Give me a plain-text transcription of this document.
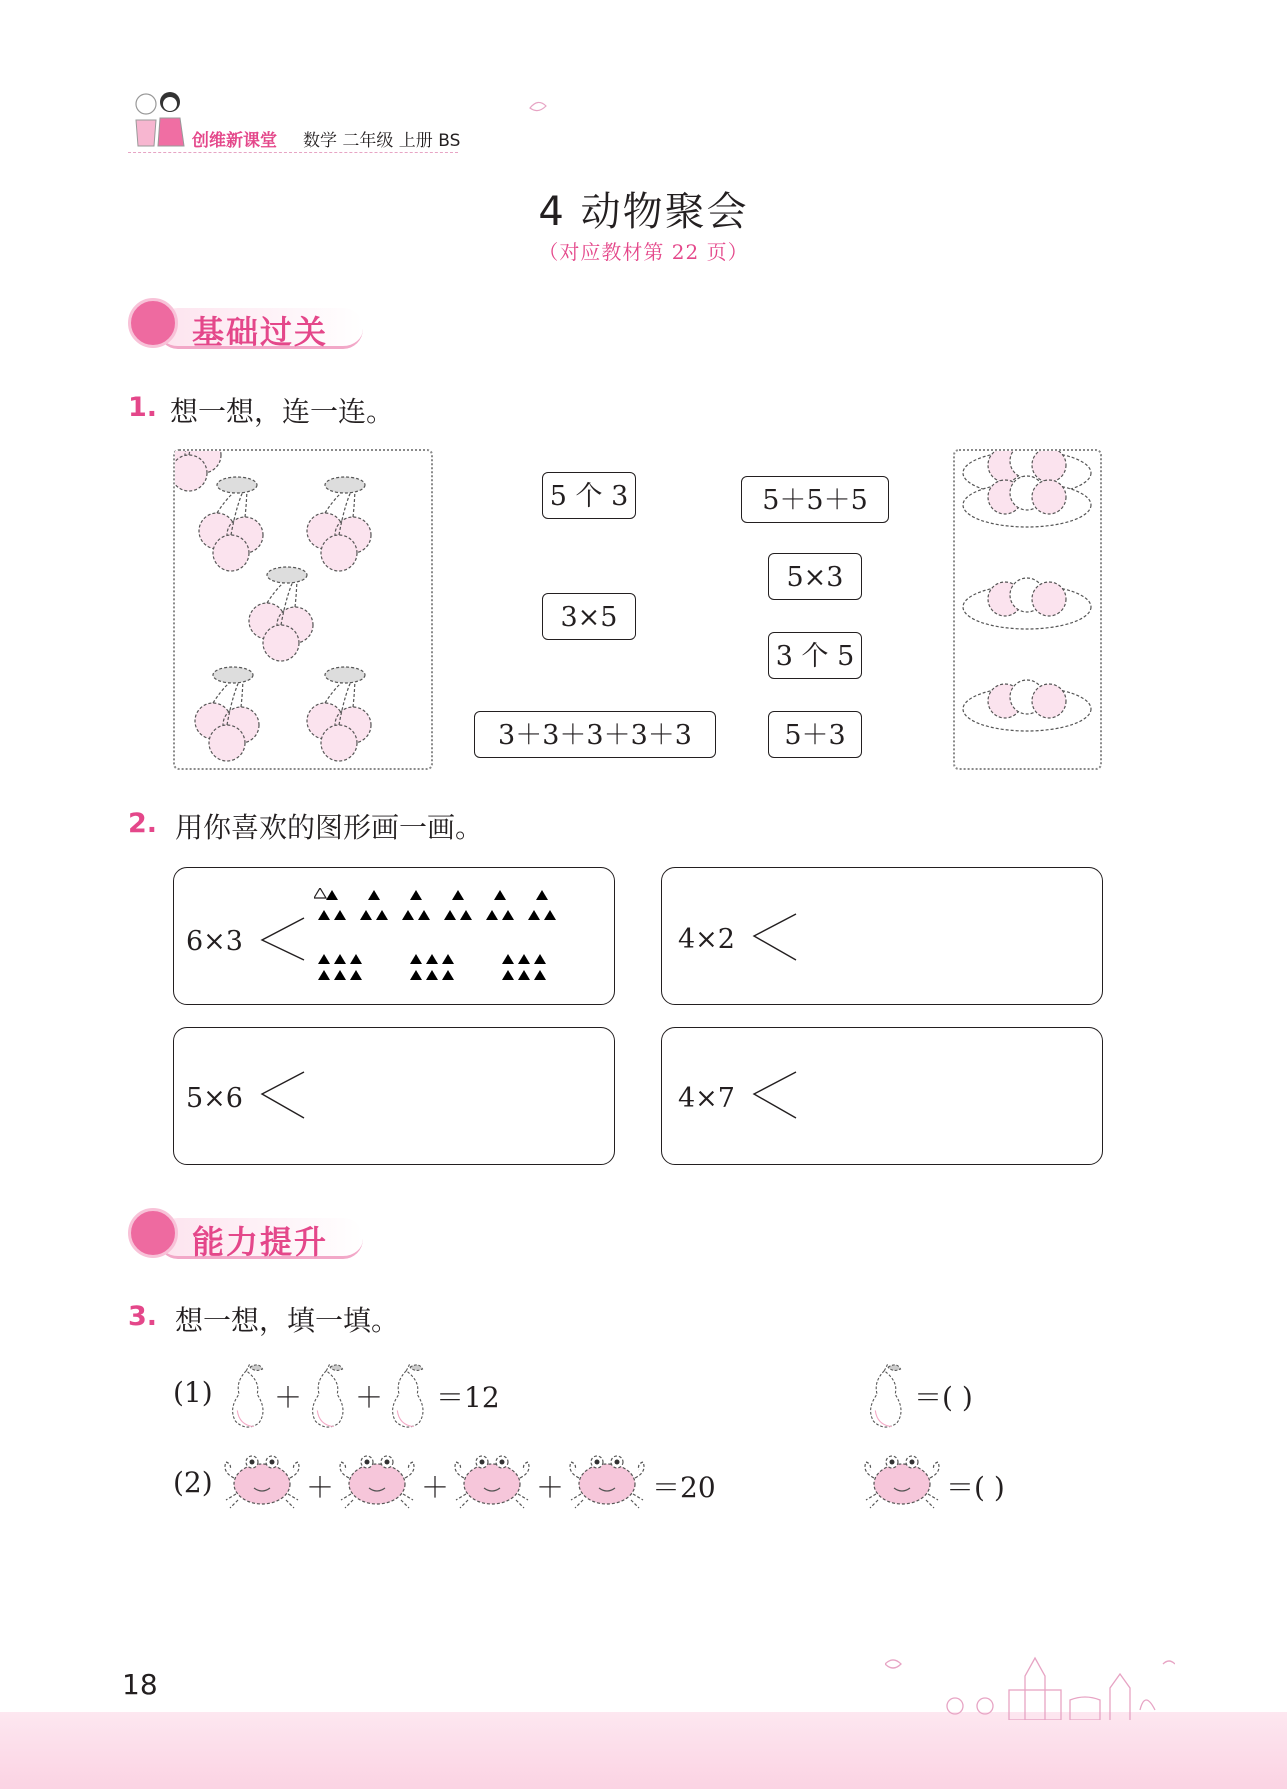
创维新课堂 数学 二年级 上册 BS
4 动物聚会
（对应教材第 22 页）
基础过关
1. 想一想，连一连。
5 个 3
3×5
3＋3＋3＋3＋3
5＋5＋5
5×3
3 个 5
5＋3
2. 用你喜欢的图形画一画。
6×3	4×2
5×6	4×7
能力提升
3. 想一想，填一填。
(1) ＋ ＋ ＝12	＝( )
(2)	＋	＋	＋	＝20	＝( )
18
